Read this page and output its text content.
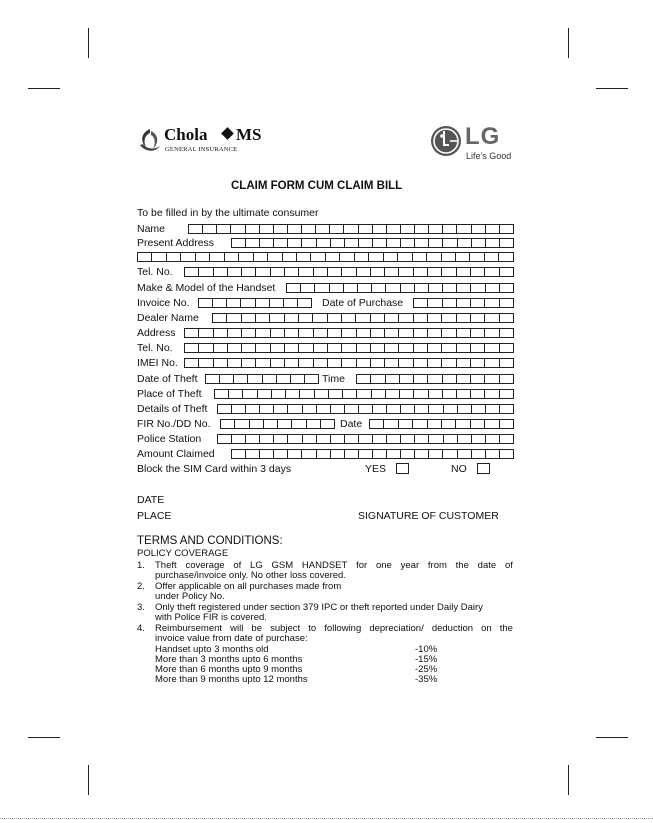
Chola MS
GENERAL INSURANCE	LG
Life's Good
CLAIM FORM CUM CLAIM BILL
To be filled in by the ultimate consumer
Name
Present Address
Tel. No.
Make & Model of the Handset
Invoice No.	Date of Purchase
Dealer Name
Address
Tel. No.
IMEI No.
Date of Theft	Time
Place of Theft
Details of Theft
FIR No./DD No.	Date
Police Station
Amount Claimed
Block the SIM Card within 3 days	YES	NO
DATE
PLACE	SIGNATURE OF CUSTOMER
TERMS AND CONDITIONS:
POLICY COVERAGE
1. Theft coverage of LG GSM HANDSET for one year from the date of
purchase/invoice only. No other loss covered.
2. Offer applicable on all purchases made from
under Policy No.
3. Only theft registered under section 379 IPC or theft reported under Daily Dairy
with Police FIR is covered.
4. Reimbursement will be subject to following depreciation/ deduction on the
invoice value from date of purchase:
Handset upto 3 months old	-10%
More than 3 months upto 6 months	-15%
More than 6 months upto 9 months	-25%
More than 9 months upto 12 months	-35%
